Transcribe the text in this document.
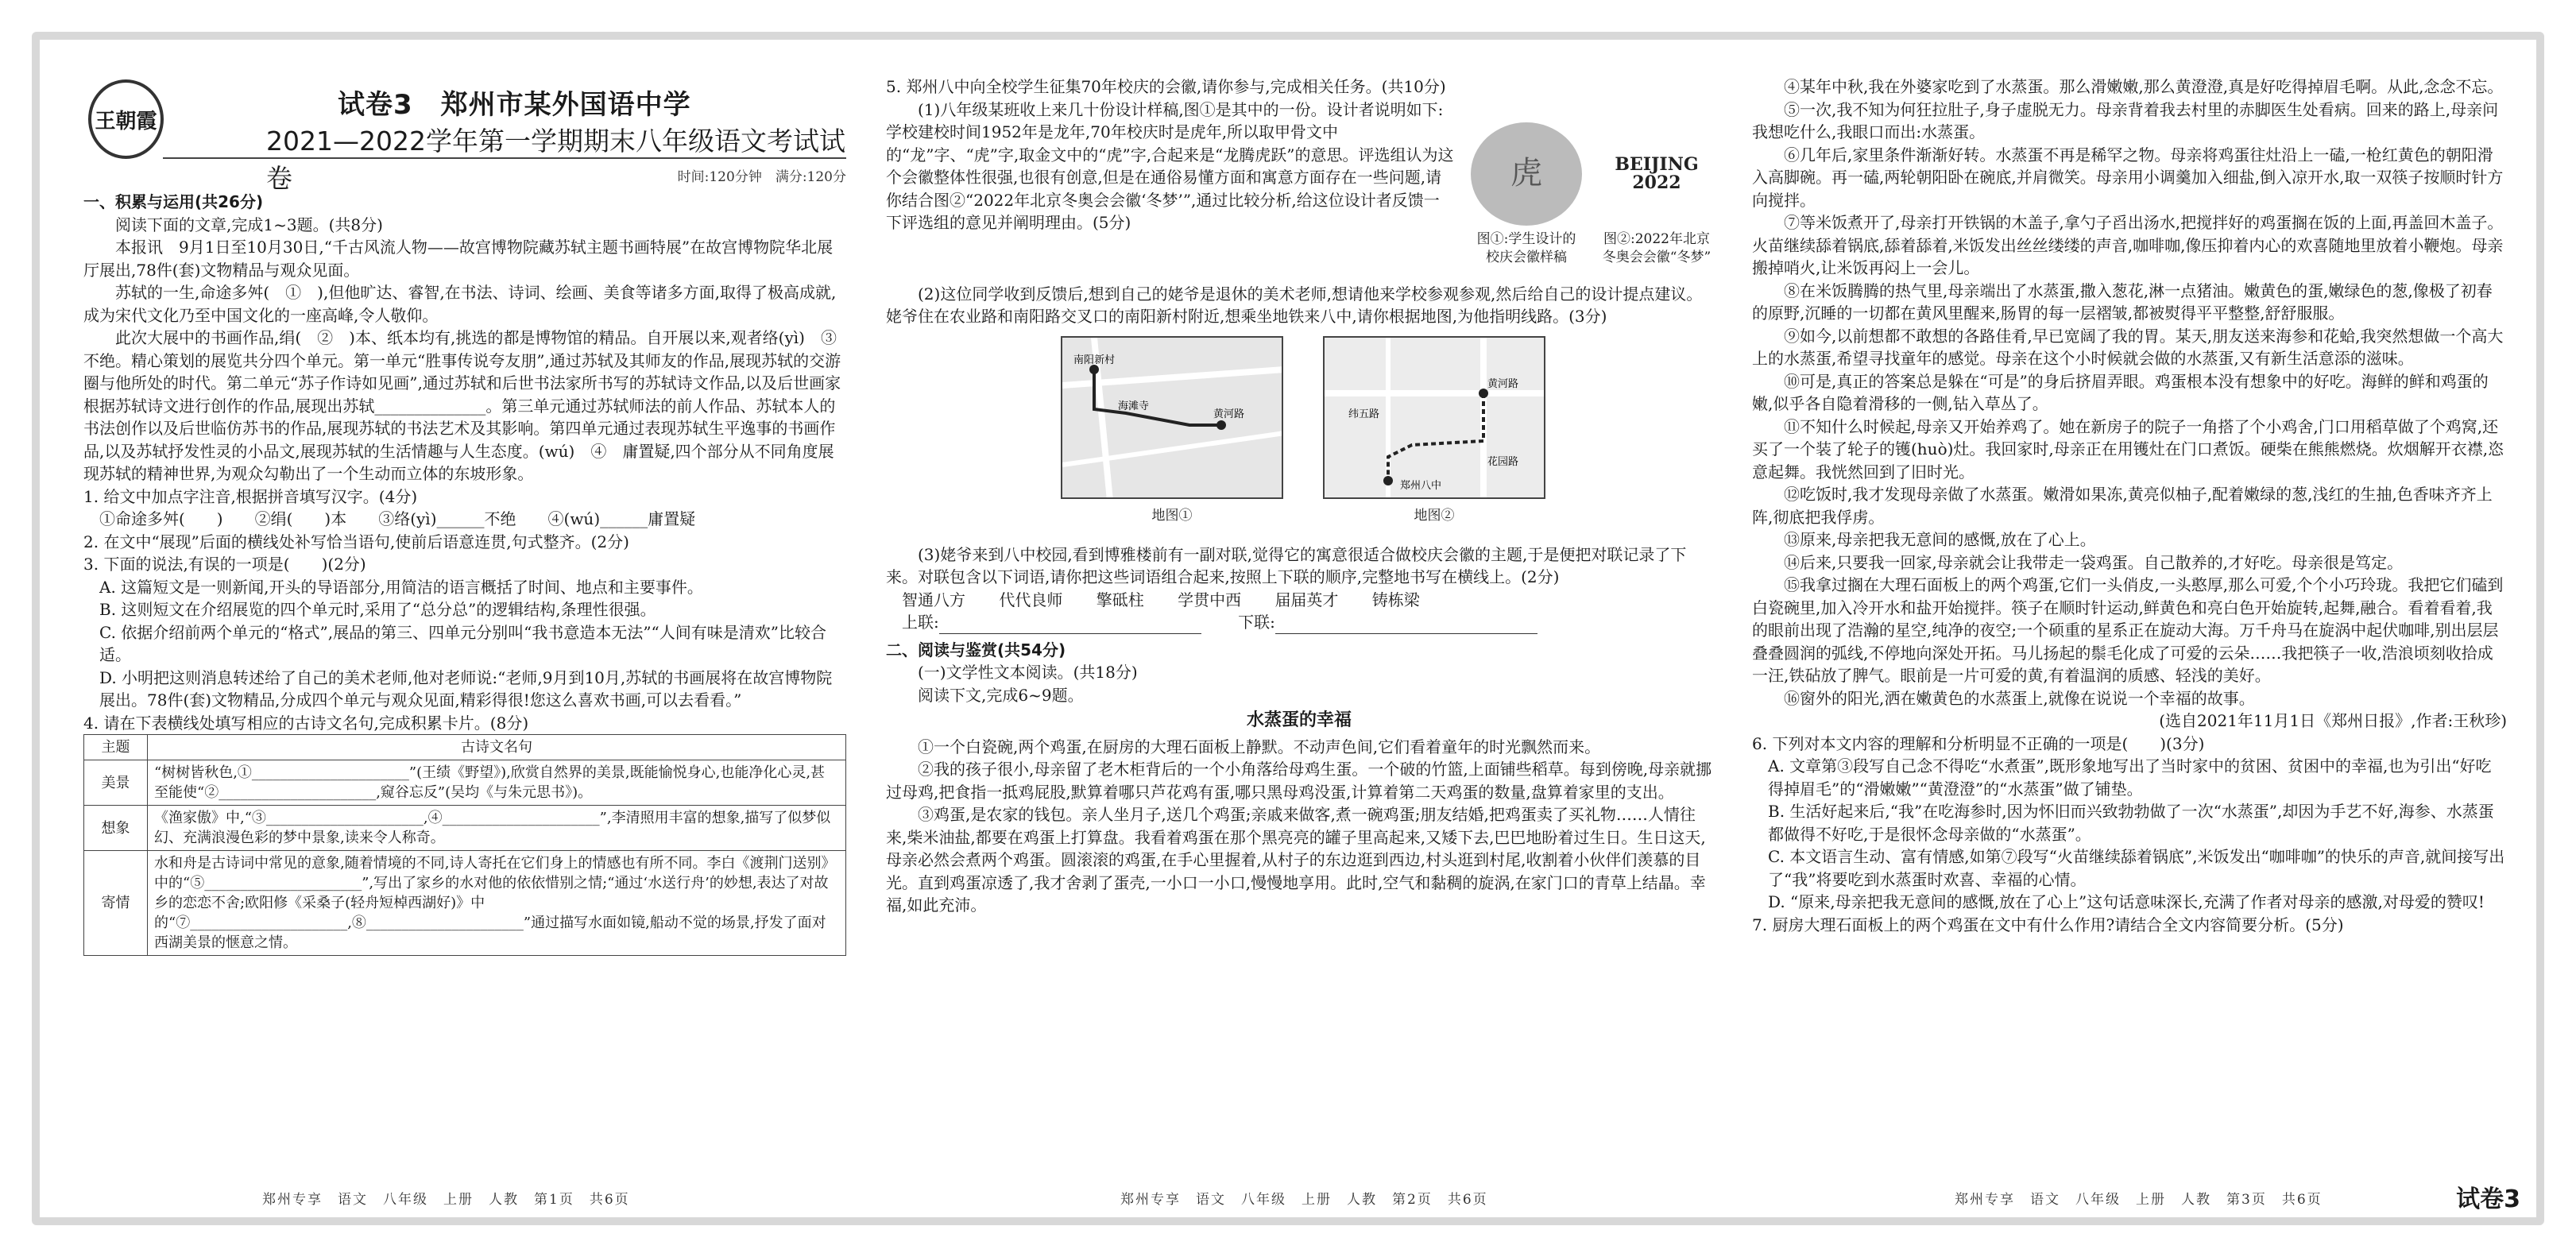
王朝霞
试卷3　郑州市某外国语中学
2021—2022学年第一学期期末八年级语文考试试卷	时间:120分钟　满分:120分
一、积累与运用(共26分)

阅读下面的文章,完成1~3题。(共8分)

本报讯　9月1日至10月30日,“千古风流人物——故宫博物院藏苏轼主题书画特展”在故宫博物院华北展厅展出,78件(套)文物精品与观众见面。

苏轼的一生,命途多舛(　①　),但他旷达、睿智,在书法、诗词、绘画、美食等诸多方面,取得了极高成就,成为宋代文化乃至中国文化的一座高峰,令人敬仰。

此次大展中的书画作品,绢(　②　)本、纸本均有,挑选的都是博物馆的精品。自开展以来,观者络(yì)　③　不绝。精心策划的展览共分四个单元。第一单元“胜事传说夸友朋”,通过苏轼及其师友的作品,展现苏轼的交游圈与他所处的时代。第二单元“苏子作诗如见画”,通过苏轼和后世书法家所书写的苏轼诗文作品,以及后世画家根据苏轼诗文进行创作的作品,展现出苏轼______________。第三单元通过苏轼师法的前人作品、苏轼本人的书法创作以及后世临仿苏书的作品,展现苏轼的书法艺术及其影响。第四单元通过表现苏轼生平逸事的书画作品,以及苏轼抒发性灵的小品文,展现苏轼的生活情趣与人生态度。(wú)　④　庸置疑,四个部分从不同角度展现苏轼的精神世界,为观众勾勒出了一个生动而立体的东坡形象。

1. 给文中加点字注音,根据拼音填写汉字。(4分)

①命途多舛(　　)　　②绢(　　)本　　③络(yì)______不绝　　④(wú)______庸置疑

2. 在文中“展现”后面的横线处补写恰当语句,使前后语意连贯,句式整齐。(2分)

3. 下面的说法,有误的一项是(　　)(2分)

A. 这篇短文是一则新闻,开头的导语部分,用简洁的语言概括了时间、地点和主要事件。

B. 这则短文在介绍展览的四个单元时,采用了“总分总”的逻辑结构,条理性很强。

C. 依据介绍前两个单元的“格式”,展品的第三、四单元分别叫“我书意造本无法”“人间有味是清欢”比较合适。

D. 小明把这则消息转述给了自己的美术老师,他对老师说:“老师,9月到10月,苏轼的书画展将在故宫博物院展出。78件(套)文物精品,分成四个单元与观众见面,精彩得很!您这么喜欢书画,可以去看看。”

4. 请在下表横线处填写相应的古诗文名句,完成积累卡片。(8分)

主题	古诗文名句
美景	“树树皆秋色,①______________________”(王绩《野望》),欣赏自然界的美景,既能愉悦身心,也能净化心灵,甚至能使“②______________________,窥谷忘反”(吴均《与朱元思书》)。
想象	《渔家傲》中,“③______________________,④______________________”,李清照用丰富的想象,描写了似梦似幻、充满浪漫色彩的梦中景象,读来令人称奇。
寄情	水和舟是古诗词中常见的意象,随着情境的不同,诗人寄托在它们身上的情感也有所不同。李白《渡荆门送别》中的“⑤______________________”,写出了家乡的水对他的依依惜别之情;“通过‘水送行舟’的妙想,表达了对故乡的恋恋不舍;欧阳修《采桑子(轻舟短棹西湖好)》中的“⑦______________________,⑧______________________”通过描写水面如镜,船动不觉的场景,抒发了面对西湖美景的惬意之情。
郑州专享　语文　八年级　上册　人教　第1页　共6页

5. 郑州八中向全校学生征集70年校庆的会徽,请你参与,完成相关任务。(共10分)

(1)八年级某班收上来几十份设计样稿,图①是其中的一份。设计者说明如下:学校建校时间1952年是龙年,70年校庆时是虎年,所以取甲骨文中的“龙”字、“虎”字,取金文中的“虎”字,合起来是“龙腾虎跃”的意思。评选组认为这个会徽整体性很强,也很有创意,但是在通俗易懂方面和寓意方面存在一些问题,请你结合图②“2022年北京冬奥会会徽‘冬梦’”,通过比较分析,给这位设计者反馈一下评选组的意见并阐明理由。(5分)

虎
图①:学生设计的
校庆会徽样稿
BEIJING 2022
图②:2022年北京
冬奥会会徽“冬梦”

(2)这位同学收到反馈后,想到自己的姥爷是退休的美术老师,想请他来学校参观参观,然后给自己的设计提点建议。姥爷住在农业路和南阳路交叉口的南阳新村附近,想乘坐地铁来八中,请你根据地图,为他指明线路。(3分)

南阳新村
海滩寺
黄河路
地图①
黄河路
纬五路
花园路
郑州八中
地图②

(3)姥爷来到八中校园,看到博雅楼前有一副对联,觉得它的寓意很适合做校庆会徽的主题,于是便把对联记录了下来。对联包含以下词语,请你把这些词语组合起来,按照上下联的顺序,完整地书写在横线上。(2分)

智通八方 代代良师 擎砥柱 学贯中西 届届英才 铸栋梁
上联:	下联:
二、阅读与鉴赏(共54分)

(一)文学性文本阅读。(共18分)

阅读下文,完成6~9题。

水蒸蛋的幸福

①一个白瓷碗,两个鸡蛋,在厨房的大理石面板上静默。不动声色间,它们看着童年的时光飘然而来。

②我的孩子很小,母亲留了老木柜背后的一个小角落给母鸡生蛋。一个破的竹篮,上面铺些稻草。每到傍晚,母亲就挪过母鸡,把食指一抵鸡屁股,默算着哪只芦花鸡有蛋,哪只黑母鸡没蛋,计算着第二天鸡蛋的数量,盘算着家里的支出。

③鸡蛋,是农家的钱包。亲人坐月子,送几个鸡蛋;亲戚来做客,煮一碗鸡蛋;朋友结婚,把鸡蛋卖了买礼物……人情往来,柴米油盐,都要在鸡蛋上打算盘。我看着鸡蛋在那个黑亮亮的罐子里高起来,又矮下去,巴巴地盼着过生日。生日这天,母亲必然会煮两个鸡蛋。圆滚滚的鸡蛋,在手心里握着,从村子的东边逛到西边,村头逛到村尾,收割着小伙伴们羡慕的目光。直到鸡蛋凉透了,我才舍剥了蛋壳,一小口一小口,慢慢地享用。此时,空气和黏稠的旋涡,在家门口的青草上结晶。幸福,如此充沛。

郑州专享　语文　八年级　上册　人教　第2页　共6页

④某年中秋,我在外婆家吃到了水蒸蛋。那么滑嫩嫩,那么黄澄澄,真是好吃得掉眉毛啊。从此,念念不忘。

⑤一次,我不知为何狂拉肚子,身子虚脱无力。母亲背着我去村里的赤脚医生处看病。回来的路上,母亲问我想吃什么,我眼口而出:水蒸蛋。

⑥几年后,家里条件渐渐好转。水蒸蛋不再是稀罕之物。母亲将鸡蛋往灶沿上一磕,一枪红黄色的朝阳滑入高脚碗。再一磕,两轮朝阳卧在碗底,并肩微笑。母亲用小调羹加入细盐,倒入凉开水,取一双筷子按顺时针方向搅拌。

⑦等米饭煮开了,母亲打开铁锅的木盖子,拿勺子舀出汤水,把搅拌好的鸡蛋搁在饭的上面,再盖回木盖子。火苗继续舔着锅底,舔着舔着,米饭发出丝丝缕缕的声音,咖啡咖,像压抑着内心的欢喜随地里放着小鞭炮。母亲搬掉哨火,让米饭再闷上一会儿。

⑧在米饭腾腾的热气里,母亲端出了水蒸蛋,撒入葱花,淋一点猪油。嫩黄色的蛋,嫩绿色的葱,像极了初春的原野,沉睡的一切都在黄风里醒来,肠胃的每一层褶皱,都被熨得平平整整,舒舒服服。

⑨如今,以前想都不敢想的各路佳肴,早已宽阔了我的胃。某天,朋友送来海参和花蛤,我突然想做一个高大上的水蒸蛋,希望寻找童年的感觉。母亲在这个小时候就会做的水蒸蛋,又有新生活意添的滋味。

⑩可是,真正的答案总是躲在“可是”的身后挤眉弄眼。鸡蛋根本没有想象中的好吃。海鲜的鲜和鸡蛋的嫩,似乎各自隐着滑移的一侧,钻入草丛了。

⑪不知什么时候起,母亲又开始养鸡了。她在新房子的院子一角搭了个小鸡舍,门口用稻草做了个鸡窝,还买了一个装了轮子的镬(huò)灶。我回家时,母亲正在用镬灶在门口煮饭。硬柴在熊熊燃烧。炊烟解开衣襟,恣意起舞。我恍然回到了旧时光。

⑫吃饭时,我才发现母亲做了水蒸蛋。嫩滑如果冻,黄亮似柚子,配着嫩绿的葱,浅红的生抽,色香味齐齐上阵,彻底把我俘虏。

⑬原来,母亲把我无意间的感慨,放在了心上。

⑭后来,只要我一回家,母亲就会让我带走一袋鸡蛋。自己散养的,才好吃。母亲很是笃定。

⑮我拿过搁在大理石面板上的两个鸡蛋,它们一头俏皮,一头憨厚,那么可爱,个个小巧玲珑。我把它们磕到白瓷碗里,加入冷开水和盐开始搅拌。筷子在顺时针运动,鲜黄色和亮白色开始旋转,起舞,融合。看着看着,我的眼前出现了浩瀚的星空,纯净的夜空;一个硕重的星系正在旋动大海。万千舟马在旋涡中起伏咖啡,别出层层叠叠圆润的弧线,不停地向深处开拓。马儿扬起的鬃毛化成了可爱的云朵……我把筷子一收,浩浪顷刻收拾成一汪,铁砧放了脾气。眼前是一片可爱的黄,有着温润的质感、轻浅的美好。

⑯窗外的阳光,洒在嫩黄色的水蒸蛋上,就像在说说一个幸福的故事。

(选自2021年11月1日《郑州日报》,作者:王秋珍)

6. 下列对本文内容的理解和分析明显不正确的一项是(　　)(3分)

A. 文章第③段写自己念不得吃“水煮蛋”,既形象地写出了当时家中的贫困、贫困中的幸福,也为引出“好吃得掉眉毛”的“滑嫩嫩”“黄澄澄”的“水蒸蛋”做了铺垫。

B. 生活好起来后,“我”在吃海参时,因为怀旧而兴致勃勃做了一次“水蒸蛋”,却因为手艺不好,海参、水蒸蛋都做得不好吃,于是很怀念母亲做的“水蒸蛋”。

C. 本文语言生动、富有情感,如第⑦段写“火苗继续舔着锅底”,米饭发出“咖啡咖”的快乐的声音,就间接写出了“我”将要吃到水蒸蛋时欢喜、幸福的心情。

D. “原来,母亲把我无意间的感慨,放在了心上”这句话意味深长,充满了作者对母亲的感激,对母爱的赞叹!

7. 厨房大理石面板上的两个鸡蛋在文中有什么作用?请结合全文内容简要分析。(5分)

郑州专享　语文　八年级　上册　人教　第3页　共6页	试卷3
